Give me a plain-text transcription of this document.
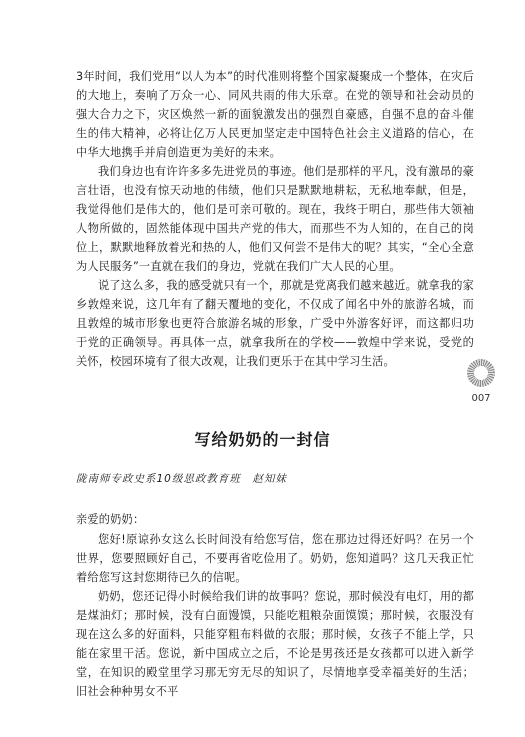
3年时间，我们党用“以人为本”的时代准则将整个国家凝聚成一个整体，在灾后的大地上，奏响了万众一心、同风共雨的伟大乐章。在党的领导和社会动员的强大合力之下，灾区焕然一新的面貌激发出的强烈自豪感，自强不息的奋斗催生的伟大精神，必将让亿万人民更加坚定走中国特色社会主义道路的信心，在中华大地携手并肩创造更为美好的未来。

我们身边也有许许多多先进党员的事迹。他们是那样的平凡，没有激昂的豪言壮语，也没有惊天动地的伟绩，他们只是默默地耕耘，无私地奉献，但是，我觉得他们是伟大的，他们是可亲可敬的。现在，我终于明白，那些伟大领袖人物所做的，固然能体现中国共产党的伟大，而那些不为人知的，在自己的岗位上，默默地释放着光和热的人，他们又何尝不是伟大的呢？其实，“全心全意为人民服务”一直就在我们的身边，党就在我们广大人民的心里。

说了这么多，我的感受就只有一个，那就是党离我们越来越近。就拿我的家乡敦煌来说，这几年有了翻天覆地的变化，不仅成了闻名中外的旅游名城，而且敦煌的城市形象也更符合旅游名城的形象，广受中外游客好评，而这都归功于党的正确领导。再具体一点，就拿我所在的学校——敦煌中学来说，受党的关怀，校园环境有了很大改观，让我们更乐于在其中学习生活。

007
写给奶奶的一封信
陇南师专政史系10级思政教育班　赵知妹

亲爱的奶奶：

您好!原谅孙女这么长时间没有给您写信，您在那边过得还好吗？在另一个世界，您要照顾好自己，不要再省吃俭用了。奶奶，您知道吗？这几天我正忙着给您写这封您期待已久的信呢。

奶奶，您还记得小时候给我们讲的故事吗？您说，那时候没有电灯，用的都是煤油灯；那时候，没有白面馒馍，只能吃粗粮杂面馍馍；那时候，衣服没有现在这么多的好面料，只能穿粗布料做的衣服；那时候，女孩子不能上学，只能在家里干活。您说，新中国成立之后，不论是男孩还是女孩都可以进入新学堂，在知识的殿堂里学习那无穷无尽的知识了，尽情地享受幸福美好的生活；旧社会种种男女不平
